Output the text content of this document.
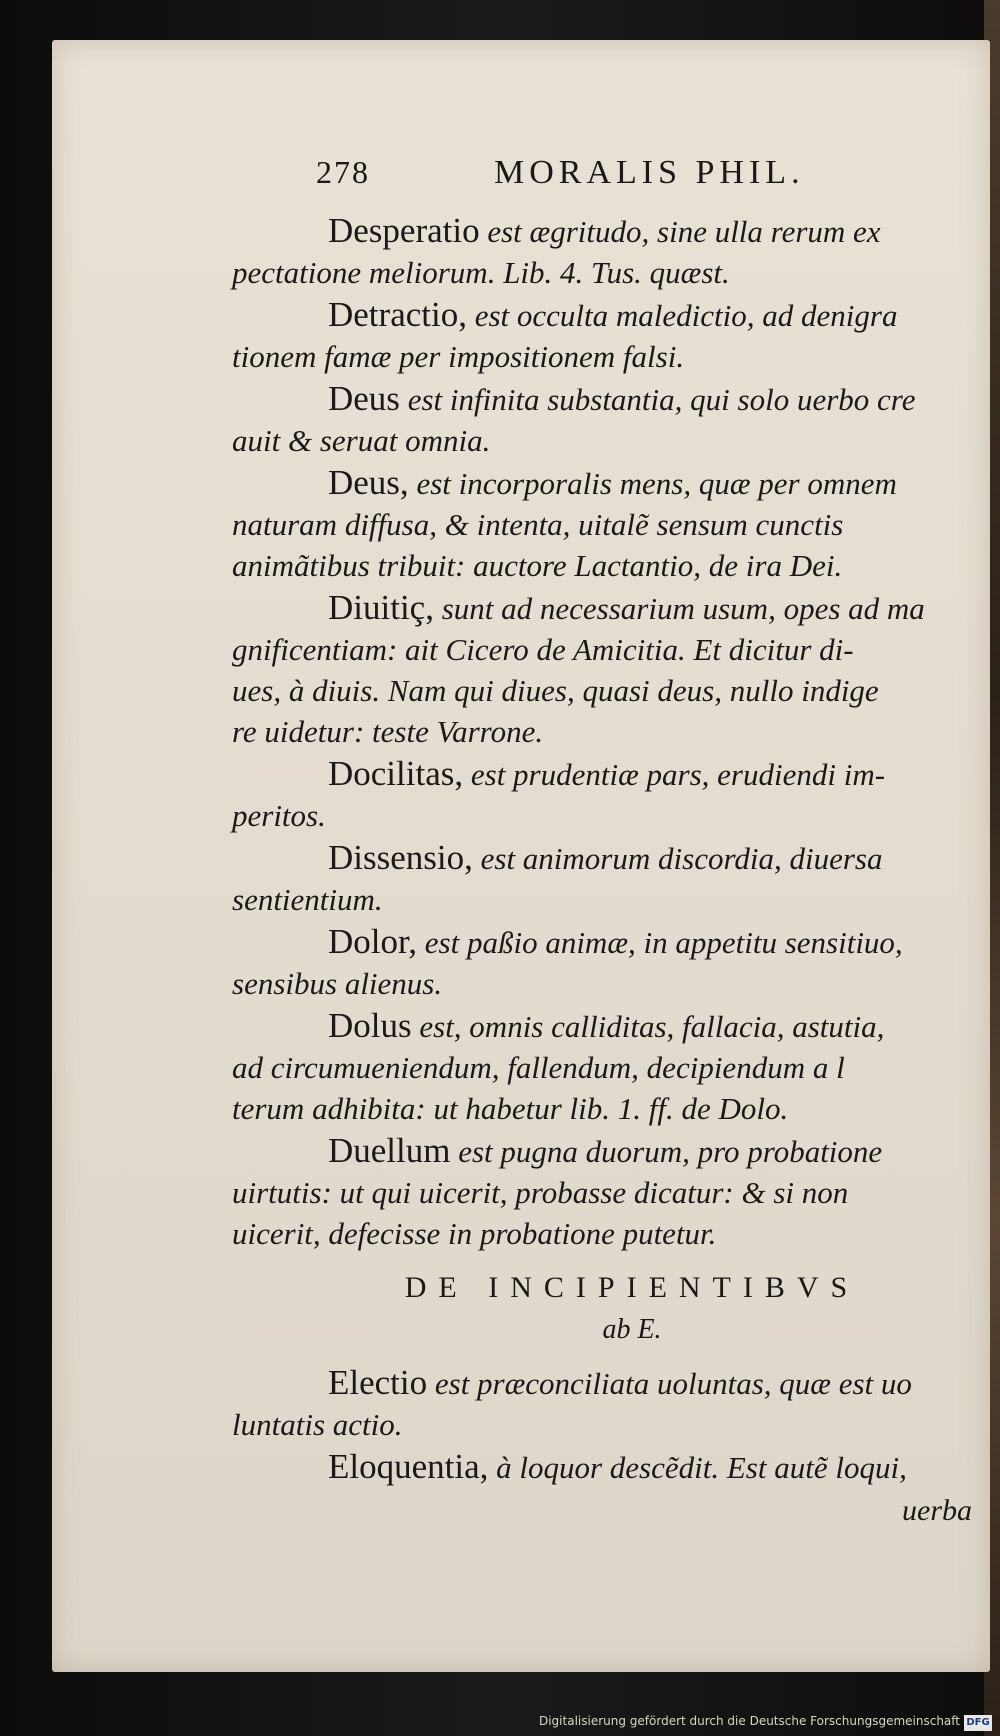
278	MORALIS PHIL.

Desperatio est ægritudo, sine ulla rerum ex

pectatione meliorum. Lib. 4. Tus. quæst.

Detractio, est occulta maledictio, ad denigra

tionem famæ per impositionem falsi.

Deus est infinita substantia, qui solo uerbo cre

auit & seruat omnia.

Deus, est incorporalis mens, quæ per omnem

naturam diffusa, & intenta, uitalẽ sensum cunctis

animãtibus tribuit: auctore Lactantio, de ira Dei.

Diuitiç, sunt ad necessarium usum, opes ad ma

gnificentiam: ait Cicero de Amicitia. Et dicitur di-

ues, à diuis. Nam qui diues, quasi deus, nullo indige

re uidetur: teste Varrone.

Docilitas, est prudentiæ pars, erudiendi im-

peritos.

Dissensio, est animorum discordia, diuersa

sentientium.

Dolor, est paßio animæ, in appetitu sensitiuo,

sensibus alienus.

Dolus est, omnis calliditas, fallacia, astutia,

ad circumueniendum, fallendum, decipiendum a l

terum adhibita: ut habetur lib. 1. ff. de Dolo.

Duellum est pugna duorum, pro probatione

uirtutis: ut qui uicerit, probasse dicatur: & si non

uicerit, defecisse in probatione putetur.

DE INCIPIENTIBVS
ab E.

Electio est præconciliata uoluntas, quæ est uo

luntatis actio.

Eloquentia, à loquor descẽdit. Est autẽ loqui,

uerba
Digitalisierung gefördert durch die Deutsche Forschungsgemeinschaft DFG
